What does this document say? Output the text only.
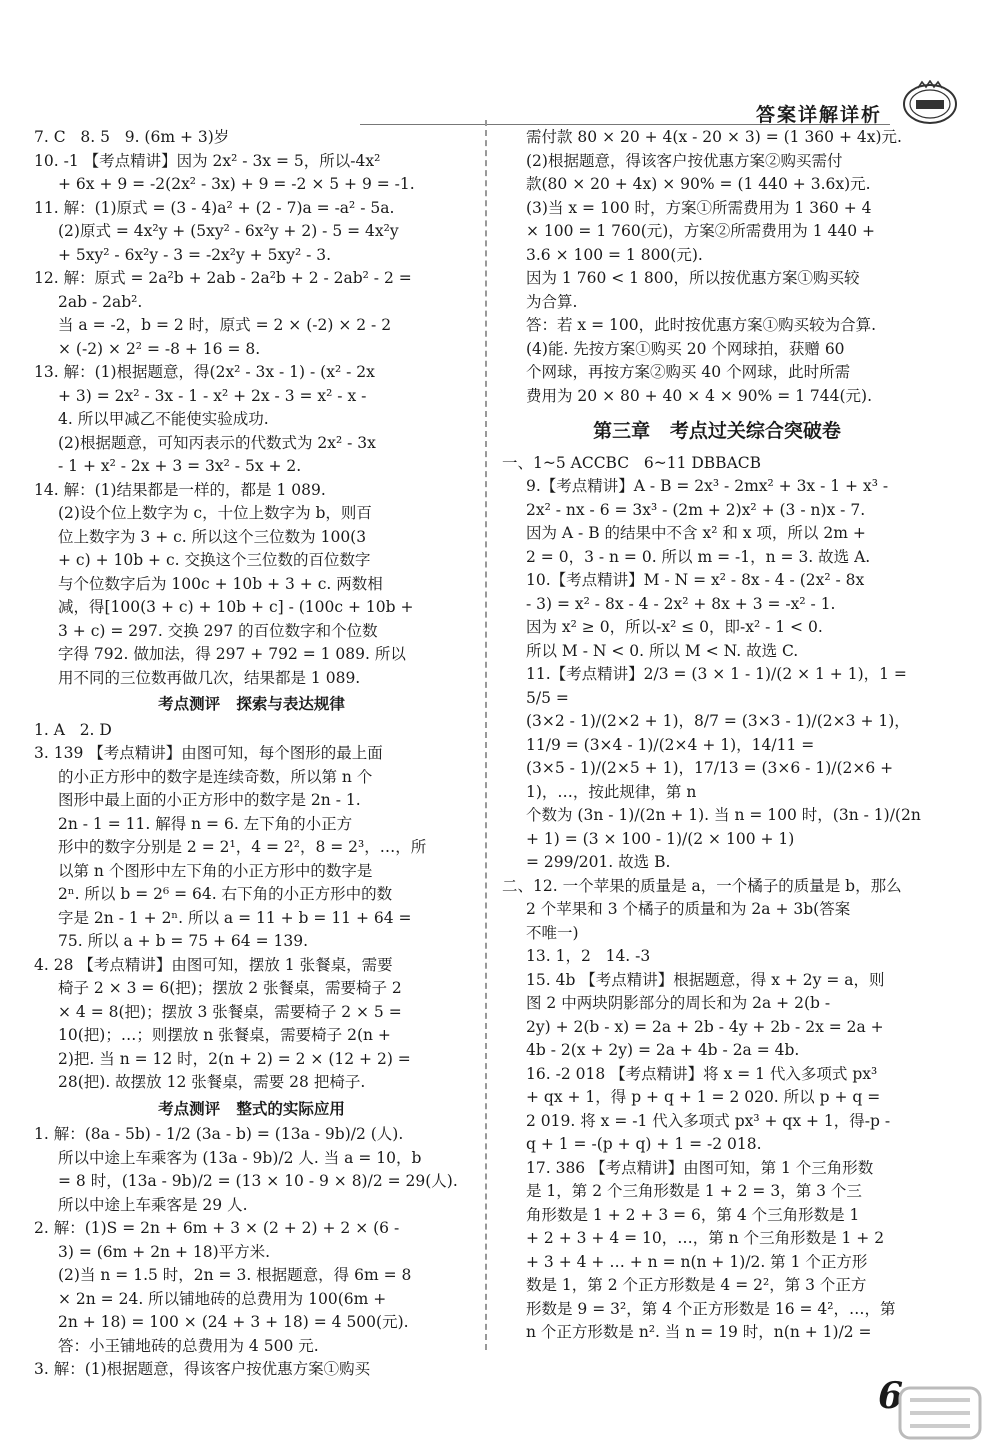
答案详解详析

7. C   8. 5   9. (6m + 3)岁

10. -1 【考点精讲】因为 2x² - 3x = 5，所以-4x²

+ 6x + 9 = -2(2x² - 3x) + 9 = -2 × 5 + 9 = -1.

11. 解：(1)原式 = (3 - 4)a² + (2 - 7)a = -a² - 5a.

(2)原式 = 4x²y + (5xy² - 6x²y + 2) - 5 = 4x²y

+ 5xy² - 6x²y - 3 = -2x²y + 5xy² - 3.

12. 解：原式 = 2a²b + 2ab - 2a²b + 2 - 2ab² - 2 =

2ab - 2ab².

当 a = -2，b = 2 时，原式 = 2 × (-2) × 2 - 2

× (-2) × 2² = -8 + 16 = 8.

13. 解：(1)根据题意，得(2x² - 3x - 1) - (x² - 2x

+ 3) = 2x² - 3x - 1 - x² + 2x - 3 = x² - x -

4. 所以甲减乙不能使实验成功.

(2)根据题意，可知丙表示的代数式为 2x² - 3x

- 1 + x² - 2x + 3 = 3x² - 5x + 2.

14. 解：(1)结果都是一样的，都是 1 089.

(2)设个位上数字为 c，十位上数字为 b，则百

位上数字为 3 + c. 所以这个三位数为 100(3

+ c) + 10b + c. 交换这个三位数的百位数字

与个位数字后为 100c + 10b + 3 + c. 两数相

减，得[100(3 + c) + 10b + c] - (100c + 10b +

3 + c) = 297. 交换 297 的百位数字和个位数

字得 792. 做加法，得 297 + 792 = 1 089. 所以

用不同的三位数再做几次，结果都是 1 089.

考点测评   探索与表达规律

1. A   2. D

3. 139 【考点精讲】由图可知，每个图形的最上面

的小正方形中的数字是连续奇数，所以第 n 个

图形中最上面的小正方形中的数字是 2n - 1.

2n - 1 = 11. 解得 n = 6. 左下角的小正方

形中的数字分别是 2 = 2¹，4 = 2²，8 = 2³，…，所

以第 n 个图形中左下角的小正方形中的数字是

2ⁿ. 所以 b = 2⁶ = 64. 右下角的小正方形中的数

字是 2n - 1 + 2ⁿ. 所以 a = 11 + b = 11 + 64 =

75. 所以 a + b = 75 + 64 = 139.

4. 28 【考点精讲】由图可知，摆放 1 张餐桌，需要

椅子 2 × 3 = 6(把)；摆放 2 张餐桌，需要椅子 2

× 4 = 8(把)；摆放 3 张餐桌，需要椅子 2 × 5 =

10(把)；…；则摆放 n 张餐桌，需要椅子 2(n +

2)把. 当 n = 12 时，2(n + 2) = 2 × (12 + 2) =

28(把). 故摆放 12 张餐桌，需要 28 把椅子.

考点测评   整式的实际应用

1. 解：(8a - 5b) - 1/2 (3a - b) = (13a - 9b)/2 (人).

所以中途上车乘客为 (13a - 9b)/2 人. 当 a = 10，b

= 8 时，(13a - 9b)/2 = (13 × 10 - 9 × 8)/2 = 29(人).

所以中途上车乘客是 29 人.

2. 解：(1)S = 2n + 6m + 3 × (2 + 2) + 2 × (6 -

3) = (6m + 2n + 18)平方米.

(2)当 n = 1.5 时，2n = 3. 根据题意，得 6m = 8

× 2n = 24. 所以铺地砖的总费用为 100(6m +

2n + 18) = 100 × (24 + 3 + 18) = 4 500(元).

答：小王铺地砖的总费用为 4 500 元.

3. 解：(1)根据题意，得该客户按优惠方案①购买

需付款 80 × 20 + 4(x - 20 × 3) = (1 360 + 4x)元.

(2)根据题意，得该客户按优惠方案②购买需付

款(80 × 20 + 4x) × 90% = (1 440 + 3.6x)元.

(3)当 x = 100 时，方案①所需费用为 1 360 + 4

× 100 = 1 760(元)，方案②所需费用为 1 440 +

3.6 × 100 = 1 800(元).

因为 1 760 < 1 800，所以按优惠方案①购买较

为合算.

答：若 x = 100，此时按优惠方案①购买较为合算.

(4)能. 先按方案①购买 20 个网球拍，获赠 60

个网球，再按方案②购买 40 个网球，此时所需

费用为 20 × 80 + 40 × 4 × 90% = 1 744(元).

第三章   考点过关综合突破卷

一、1~5 ACCBC   6~11 DBBACB

9.【考点精讲】A - B = 2x³ - 2mx² + 3x - 1 + x³ -

2x² - nx - 6 = 3x³ - (2m + 2)x² + (3 - n)x - 7.

因为 A - B 的结果中不含 x² 和 x 项，所以 2m +

2 = 0，3 - n = 0. 所以 m = -1，n = 3. 故选 A.

10.【考点精讲】M - N = x² - 8x - 4 - (2x² - 8x

- 3) = x² - 8x - 4 - 2x² + 8x + 3 = -x² - 1.

因为 x² ≥ 0，所以-x² ≤ 0，即-x² - 1 < 0.

所以 M - N < 0. 所以 M < N. 故选 C.

11.【考点精讲】2/3 = (3 × 1 - 1)/(2 × 1 + 1)，1 = 5/5 =

(3×2 - 1)/(2×2 + 1)，8/7 = (3×3 - 1)/(2×3 + 1)，11/9 = (3×4 - 1)/(2×4 + 1)，14/11 =

(3×5 - 1)/(2×5 + 1)，17/13 = (3×6 - 1)/(2×6 + 1)，…，按此规律，第 n

个数为 (3n - 1)/(2n + 1). 当 n = 100 时，(3n - 1)/(2n + 1) = (3 × 100 - 1)/(2 × 100 + 1)

= 299/201. 故选 B.

二、12. 一个苹果的质量是 a，一个橘子的质量是 b，那么

2 个苹果和 3 个橘子的质量和为 2a + 3b(答案

不唯一)

13. 1，2   14. -3

15. 4b 【考点精讲】根据题意，得 x + 2y = a，则

图 2 中两块阴影部分的周长和为 2a + 2(b -

2y) + 2(b - x) = 2a + 2b - 4y + 2b - 2x = 2a +

4b - 2(x + 2y) = 2a + 4b - 2a = 4b.

16. -2 018 【考点精讲】将 x = 1 代入多项式 px³

+ qx + 1，得 p + q + 1 = 2 020. 所以 p + q =

2 019. 将 x = -1 代入多项式 px³ + qx + 1，得-p -

q + 1 = -(p + q) + 1 = -2 018.

17. 386 【考点精讲】由图可知，第 1 个三角形数

是 1，第 2 个三角形数是 1 + 2 = 3，第 3 个三

角形数是 1 + 2 + 3 = 6，第 4 个三角形数是 1

+ 2 + 3 + 4 = 10，…，第 n 个三角形数是 1 + 2

+ 3 + 4 + … + n = n(n + 1)/2. 第 1 个正方形

数是 1，第 2 个正方形数是 4 = 2²，第 3 个正方

形数是 9 = 3²，第 4 个正方形数是 16 = 4²，…，第

n 个正方形数是 n². 当 n = 19 时，n(n + 1)/2 =

6
